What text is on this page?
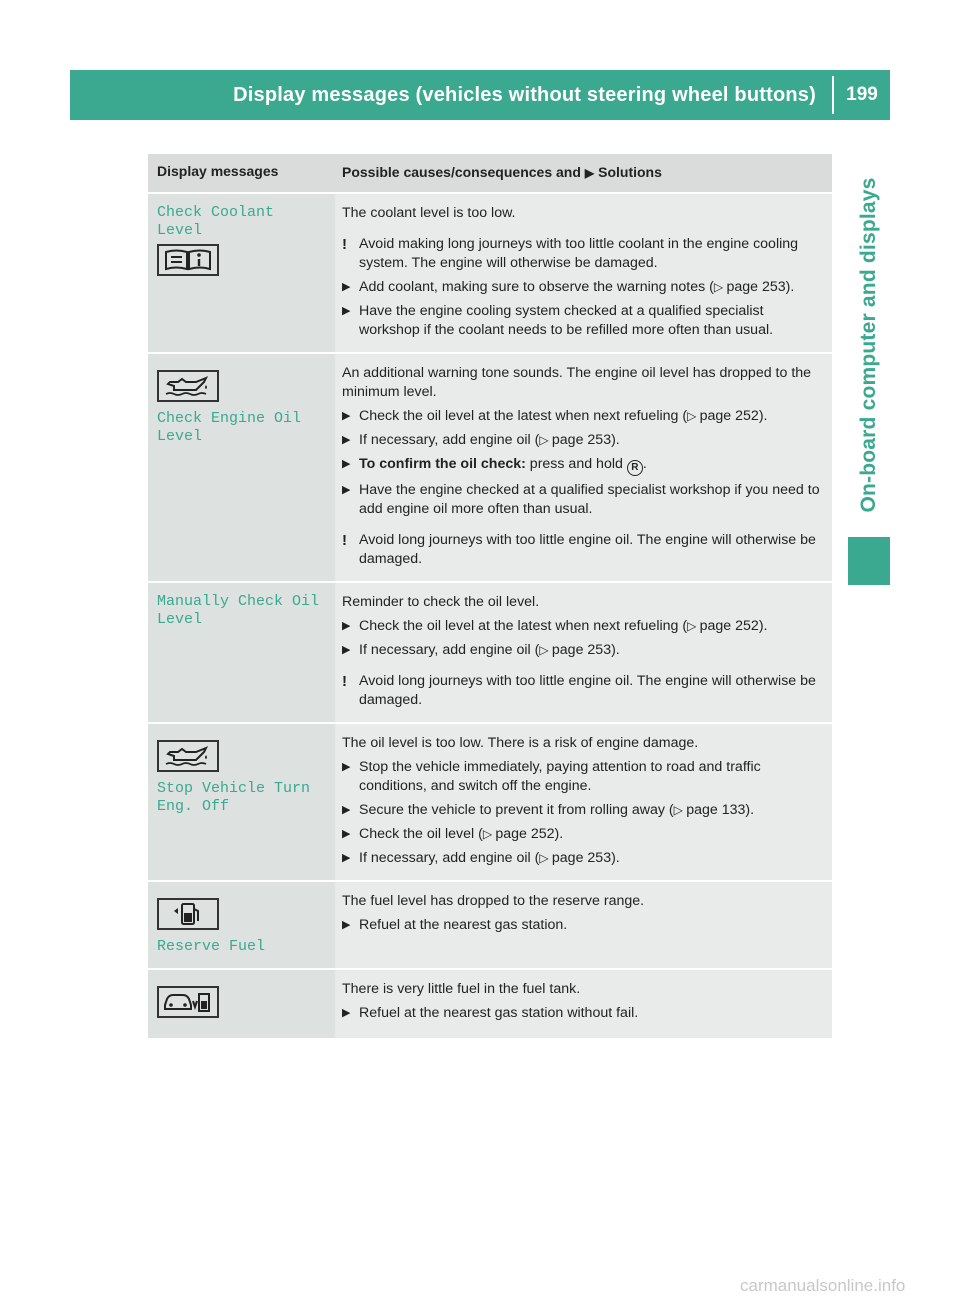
Display messages (vehicles without steering wheel buttons)	199
On-board computer and displays
Display messages	Possible causes/consequences and ▶ Solutions
Check Coolant Level
The coolant level is too low.
! Avoid making long journeys with too little coolant in the engine cooling system. The engine will otherwise be damaged.
▶ Add coolant, making sure to observe the warning notes (▷ page 253).
▶ Have the engine cooling system checked at a qualified specialist workshop if the coolant needs to be refilled more often than usual.
Check Engine Oil Level
An additional warning tone sounds. The engine oil level has dropped to the minimum level.
▶ Check the oil level at the latest when next refueling (▷ page 252).
▶ If necessary, add engine oil (▷ page 253).
▶ To confirm the oil check: press and hold R .
▶ Have the engine checked at a qualified specialist workshop if you need to add engine oil more often than usual.
! Avoid long journeys with too little engine oil. The engine will otherwise be damaged.
Manually Check Oil Level
Reminder to check the oil level.
▶ Check the oil level at the latest when next refueling (▷ page 252).
▶ If necessary, add engine oil (▷ page 253).
! Avoid long journeys with too little engine oil. The engine will otherwise be damaged.
Stop Vehicle Turn Eng. Off
The oil level is too low. There is a risk of engine damage.
▶ Stop the vehicle immediately, paying attention to road and traffic conditions, and switch off the engine.
▶ Secure the vehicle to prevent it from rolling away (▷ page 133).
▶ Check the oil level (▷ page 252).
▶ If necessary, add engine oil (▷ page 253).
Reserve Fuel
The fuel level has dropped to the reserve range.
▶ Refuel at the nearest gas station.
There is very little fuel in the fuel tank.
▶ Refuel at the nearest gas station without fail.
carmanualsonline.info
